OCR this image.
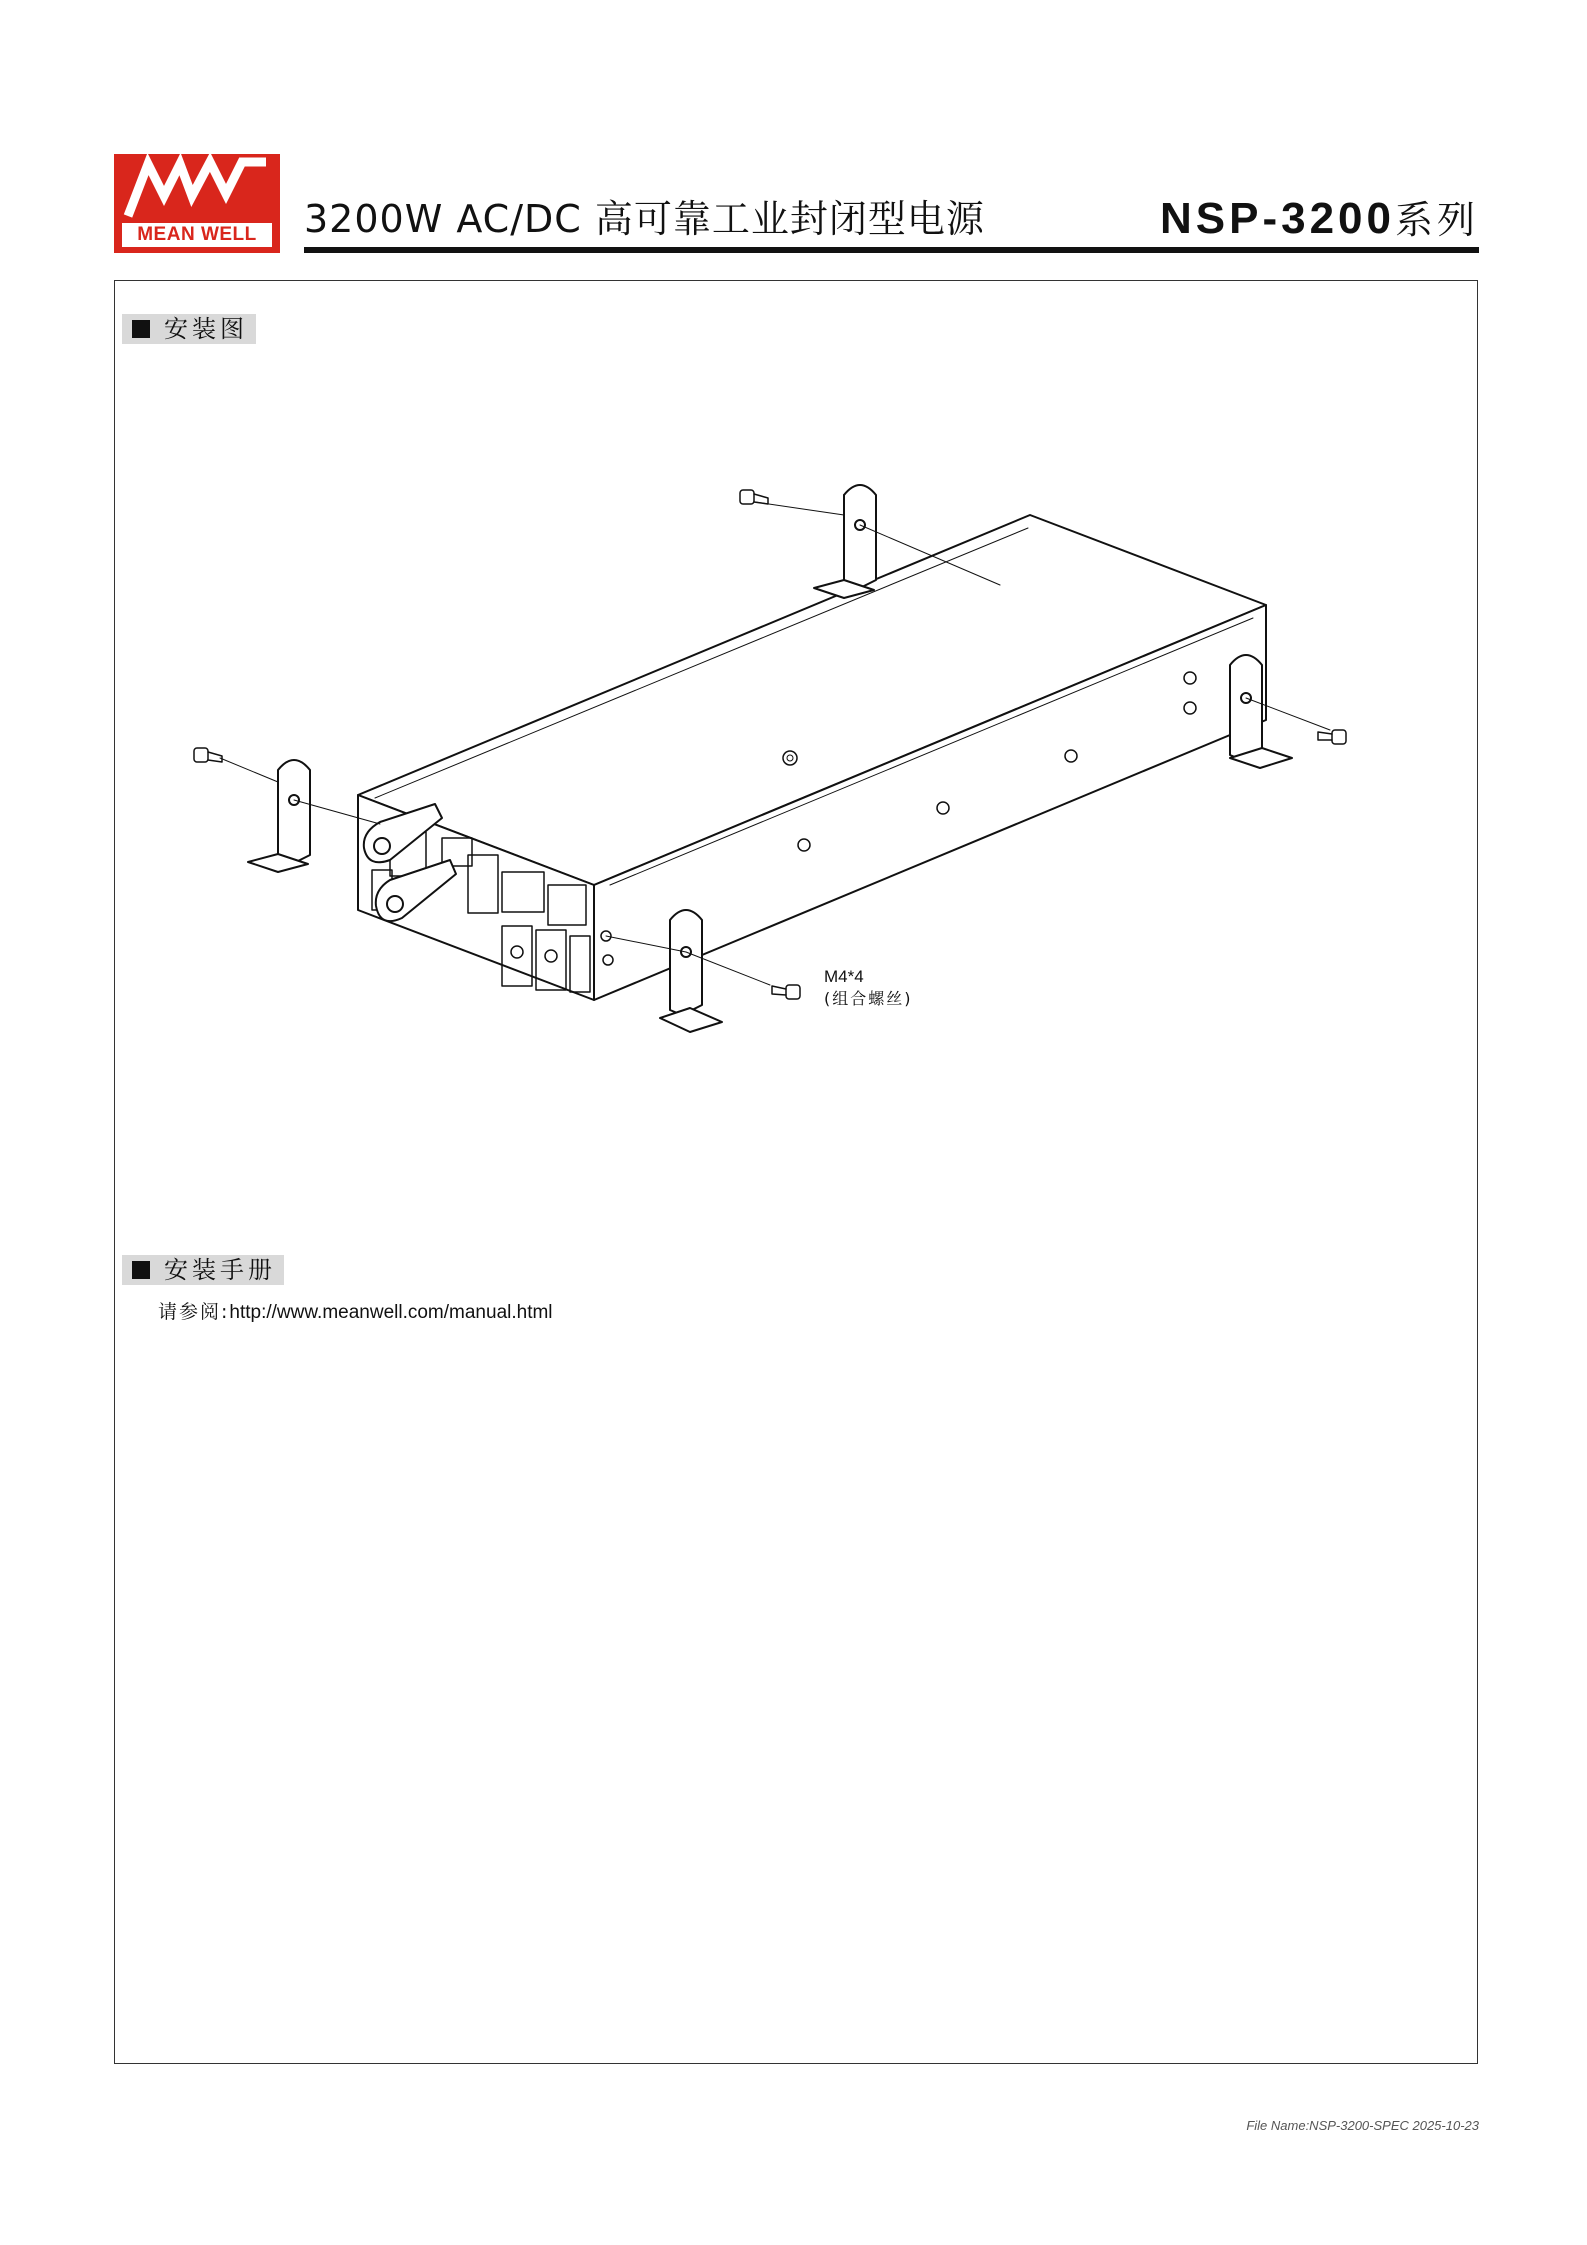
MEAN WELL	3200W AC/DC 高可靠工业封闭型电源	NSP-3200系列
安装图
M4*4
(组合螺丝)
安装手册
请参阅:http://www.meanwell.com/manual.html
File Name:NSP-3200-SPEC 2025-10-23
